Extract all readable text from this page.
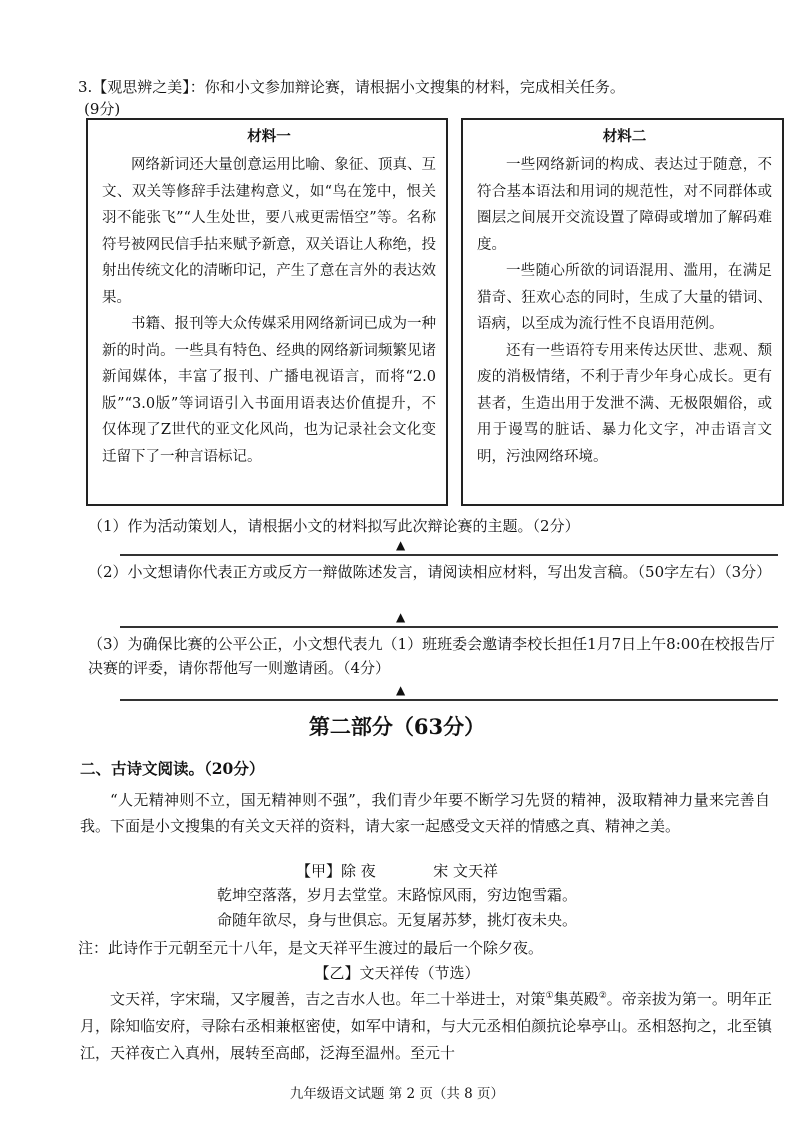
3.【观思辨之美】：你和小文参加辩论赛，请根据小文搜集的材料，完成相关任务。
(9分)
材料一

网络新词还大量创意运用比喻、象征、顶真、互文、双关等修辞手法建构意义，如“鸟在笼中，恨关羽不能张飞”“人生处世，要八戒更需悟空”等。名称符号被网民信手拈来赋予新意，双关语让人称绝，投射出传统文化的清晰印记，产生了意在言外的表达效果。

书籍、报刊等大众传媒采用网络新词已成为一种新的时尚。一些具有特色、经典的网络新词频繁见诸新闻媒体，丰富了报刊、广播电视语言，而将“2.0版”“3.0版”等词语引入书面用语表达价值提升，不仅体现了Z世代的亚文化风尚，也为记录社会文化变迁留下了一种言语标记。

材料二

一些网络新词的构成、表达过于随意，不符合基本语法和用词的规范性，对不同群体或圈层之间展开交流设置了障碍或增加了解码难度。

一些随心所欲的词语混用、滥用，在满足猎奇、狂欢心态的同时，生成了大量的错词、语病，以至成为流行性不良语用范例。

还有一些语符专用来传达厌世、悲观、颓废的消极情绪，不利于青少年身心成长。更有甚者，生造出用于发泄不满、无极限媚俗，或用于谩骂的脏话、暴力化文字，冲击语言文明，污浊网络环境。

（1）作为活动策划人，请根据小文的材料拟写此次辩论赛的主题。（2分）
▲
（2）小文想请你代表正方或反方一辩做陈述发言，请阅读相应材料，写出发言稿。（50字左右）（3分）
▲
（3）为确保比赛的公平公正，小文想代表九（1）班班委会邀请李校长担任1月7日上午8:00在校报告厅决赛的评委，请你帮他写一则邀请函。（4分）
▲
第二部分（63分）
二、古诗文阅读。（20分）
“人无精神则不立，国无精神则不强”，我们青少年要不断学习先贤的精神，汲取精神力量来完善自我。下面是小文搜集的有关文天祥的资料，请大家一起感受文天祥的情感之真、精神之美。
【甲】除 夜	宋 文天祥
乾坤空落落，岁月去堂堂。末路惊风雨，穷边饱雪霜。
命随年欲尽，身与世俱忘。无复屠苏梦，挑灯夜未央。
注：此诗作于元朝至元十八年，是文天祥平生渡过的最后一个除夕夜。
【乙】文天祥传（节选）
文天祥，字宋瑞，又字履善，吉之吉水人也。年二十举进士，对策①集英殿②。帝亲拔为第一。明年正月，除知临安府，寻除右丞相兼枢密使，如军中请和，与大元丞相伯颜抗论皋亭山。丞相怒拘之，北至镇江，天祥夜亡入真州，展转至高邮，泛海至温州。至元十
九年级语文试题 第 2 页（共 8 页）
